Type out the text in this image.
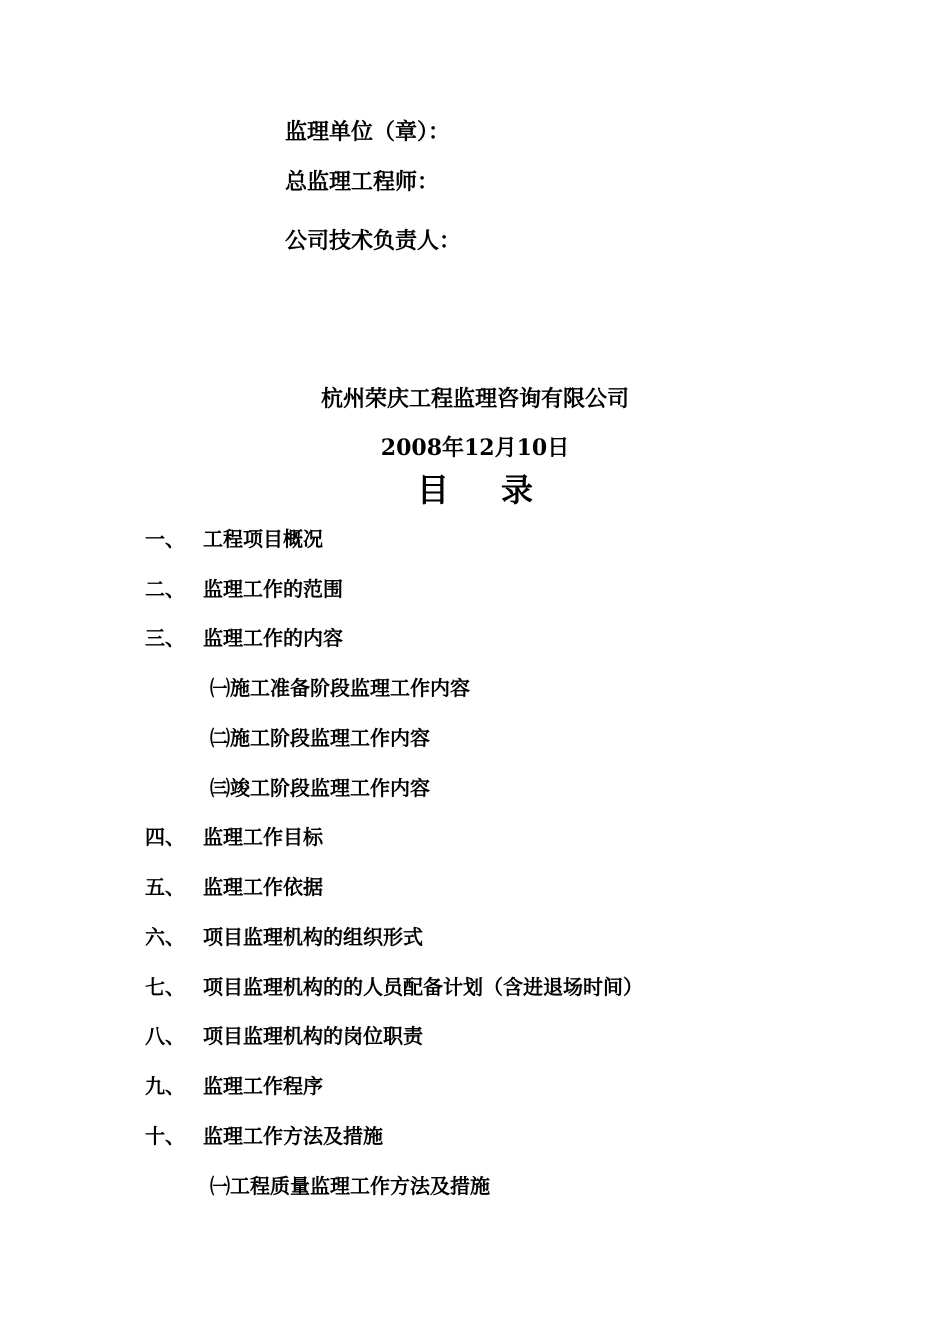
监理单位（章）：
总监理工程师：
公司技术负责人：
杭州荣庆工程监理咨询有限公司
2008年12月10日
目 录
一、 工程项目概况
二、 监理工作的范围
三、 监理工作的内容
㈠施工准备阶段监理工作内容
㈡施工阶段监理工作内容
㈢竣工阶段监理工作内容
四、 监理工作目标
五、 监理工作依据
六、 项目监理机构的组织形式
七、 项目监理机构的的人员配备计划（含进退场时间）
八、 项目监理机构的岗位职责
九、 监理工作程序
十、 监理工作方法及措施
㈠工程质量监理工作方法及措施
